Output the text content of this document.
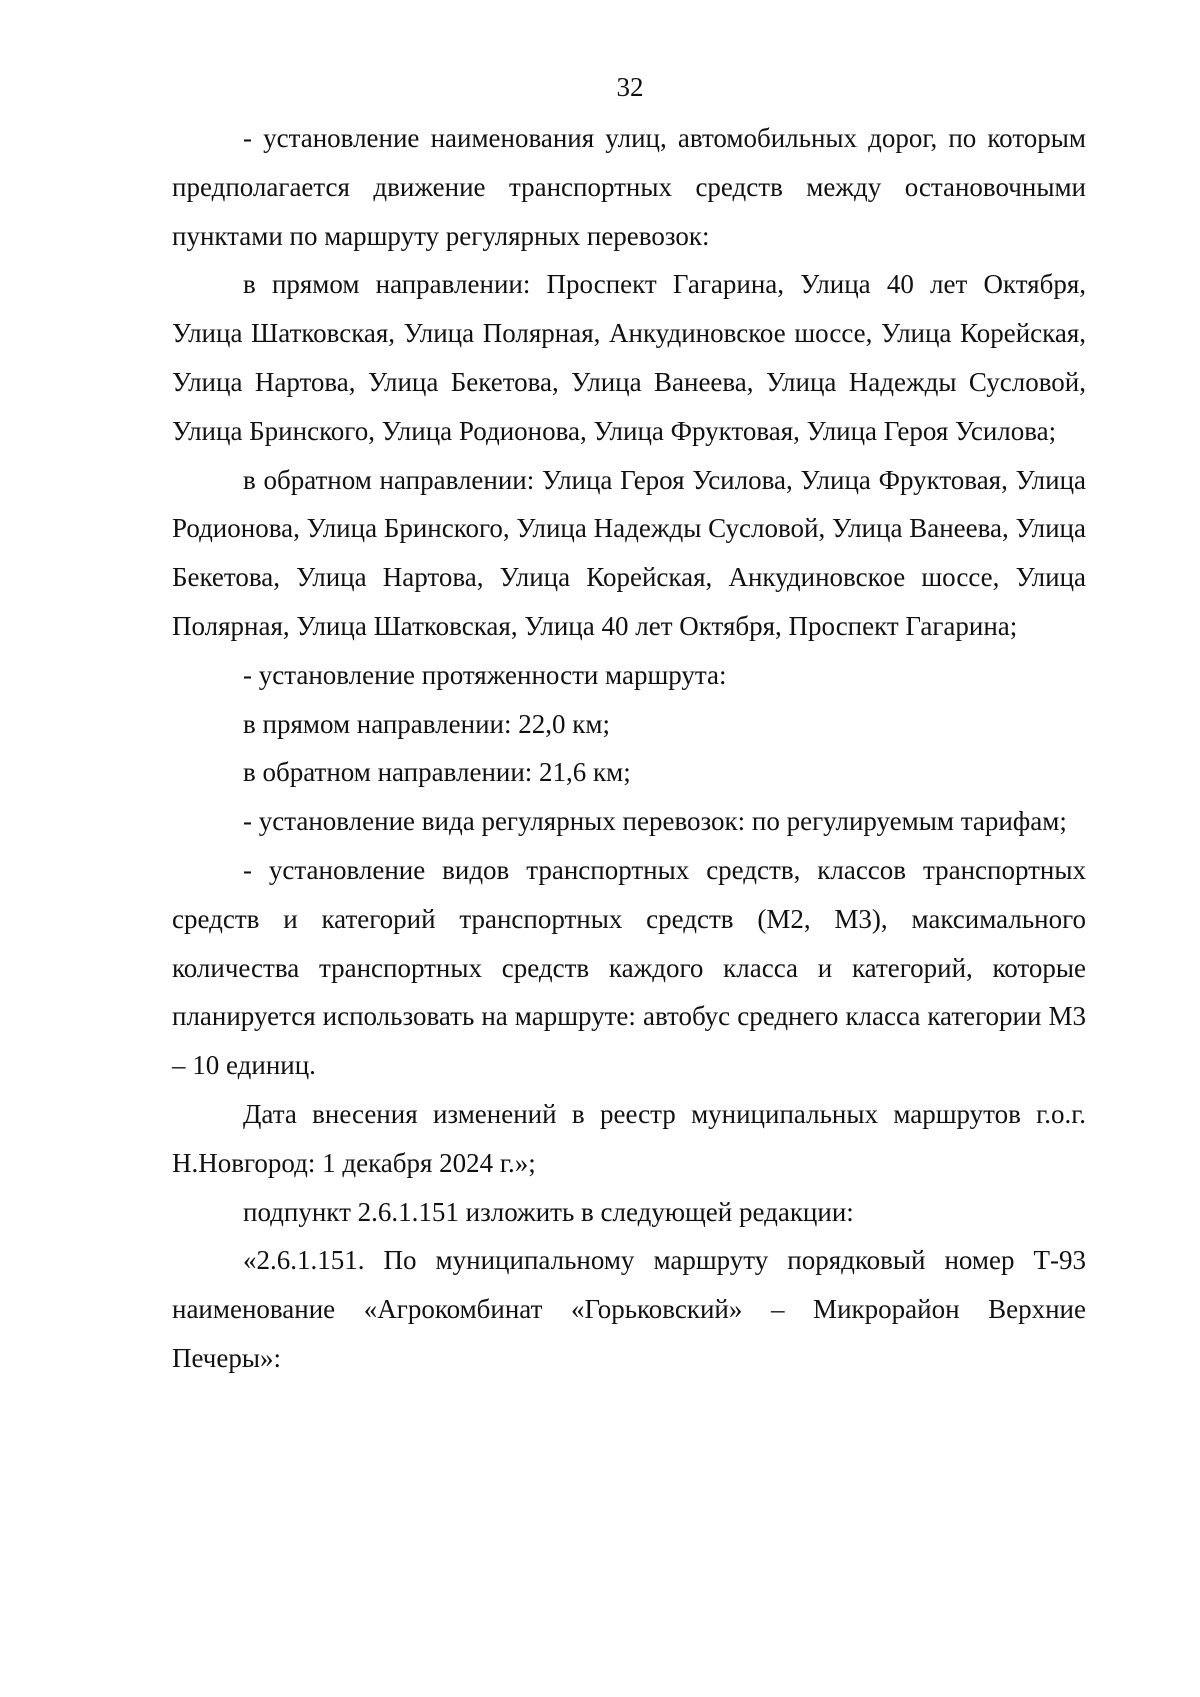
32

- установление наименования улиц, автомобильных дорог, по которым предполагается движение транспортных средств между остановочными пунктами по маршруту регулярных перевозок:

в прямом направлении: Проспект Гагарина, Улица 40 лет Октября, Улица Шатковская, Улица Полярная, Анкудиновское шоссе, Улица Корейская, Улица Нартова, Улица Бекетова, Улица Ванеева, Улица Надежды Сусловой, Улица Бринского, Улица Родионова, Улица Фруктовая, Улица Героя Усилова;

в обратном направлении: Улица Героя Усилова, Улица Фруктовая, Улица Родионова, Улица Бринского, Улица Надежды Сусловой, Улица Ванеева, Улица Бекетова, Улица Нартова, Улица Корейская, Анкудиновское шоссе, Улица Полярная, Улица Шатковская, Улица 40 лет Октября, Проспект Гагарина;

- установление протяженности маршрута:

в прямом направлении: 22,0 км;

в обратном направлении: 21,6 км;

- установление вида регулярных перевозок: по регулируемым тарифам;

- установление видов транспортных средств, классов транспортных средств и категорий транспортных средств (М2, М3), максимального количества транспортных средств каждого класса и категорий, которые планируется использовать на маршруте: автобус среднего класса категории М3 – 10 единиц.

Дата внесения изменений в реестр муниципальных маршрутов г.о.г. Н.Новгород: 1 декабря 2024 г.»;

подпункт 2.6.1.151 изложить в следующей редакции:

«2.6.1.151. По муниципальному маршруту порядковый номер Т-93 наименование «Агрокомбинат «Горьковский» – Микрорайон Верхние Печеры»:
